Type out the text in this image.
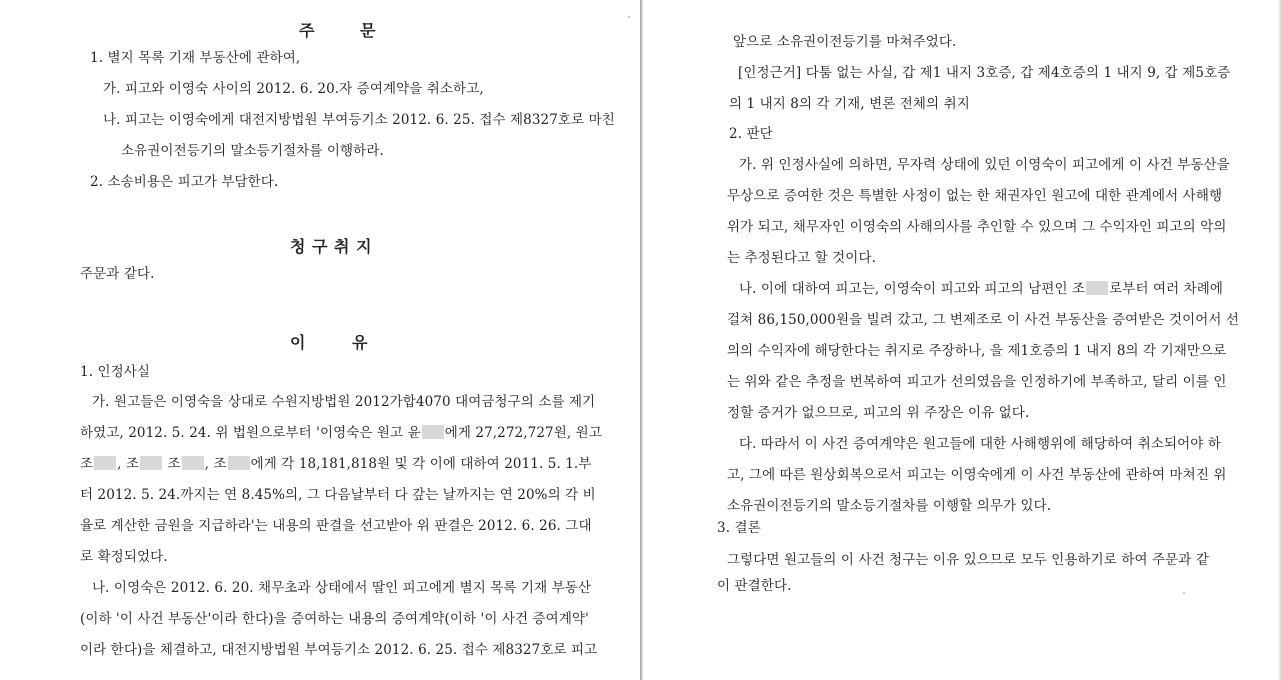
주	문
1. 별지 목록 기재 부동산에 관하여,
가. 피고와 이영숙 사이의 2012. 6. 20.자 증여계약을 취소하고,
나. 피고는 이영숙에게 대전지방법원 부여등기소 2012. 6. 25. 접수 제8327호로 마친
소유권이전등기의 말소등기절차를 이행하라.
2. 소송비용은 피고가 부담한다.
청 구 취 지
주문과 같다.
이	유
1. 인정사실
가. 원고들은 이영숙을 상대로 수원지방법원 2012가합4070 대여금청구의 소를 제기
하였고, 2012. 5. 24. 위 법원으로부터 '이영숙은 원고 윤 에게 27,272,727원, 원고
조 , 조 조 , 조 에게 각 18,181,818원 및 각 이에 대하여 2011. 5. 1.부
터 2012. 5. 24.까지는 연 8.45%의, 그 다음날부터 다 갚는 날까지는 연 20%의 각 비
율로 계산한 금원을 지급하라'는 내용의 판결을 선고받아 위 판결은 2012. 6. 26. 그대
로 확정되었다.
나. 이영숙은 2012. 6. 20. 채무초과 상태에서 딸인 피고에게 별지 목록 기재 부동산
(이하 '이 사건 부동산'이라 한다)을 증여하는 내용의 증여계약(이하 '이 사건 증여계약'
이라 한다)을 체결하고, 대전지방법원 부여등기소 2012. 6. 25. 접수 제8327호로 피고
앞으로 소유권이전등기를 마쳐주었다.
[인정근거] 다툼 없는 사실, 갑 제1 내지 3호증, 갑 제4호증의 1 내지 9, 갑 제5호증
의 1 내지 8의 각 기재, 변론 전체의 취지
2. 판단
가. 위 인정사실에 의하면, 무자력 상태에 있던 이영숙이 피고에게 이 사건 부동산을
무상으로 증여한 것은 특별한 사정이 없는 한 채권자인 원고에 대한 관계에서 사해행
위가 되고, 채무자인 이영숙의 사해의사를 추인할 수 있으며 그 수익자인 피고의 악의
는 추정된다고 할 것이다.
나. 이에 대하여 피고는, 이영숙이 피고와 피고의 남편인 조 로부터 여러 차례에
걸쳐 86,150,000원을 빌려 갔고, 그 변제조로 이 사건 부동산을 증여받은 것이어서 선
의의 수익자에 해당한다는 취지로 주장하나, 을 제1호증의 1 내지 8의 각 기재만으로
는 위와 같은 추정을 번복하여 피고가 선의였음을 인정하기에 부족하고, 달리 이를 인
정할 증거가 없으므로, 피고의 위 주장은 이유 없다.
다. 따라서 이 사건 증여계약은 원고들에 대한 사해행위에 해당하여 취소되어야 하
고, 그에 따른 원상회복으로서 피고는 이영숙에게 이 사건 부동산에 관하여 마쳐진 위
소유권이전등기의 말소등기절차를 이행할 의무가 있다.
3. 결론
그렇다면 원고들의 이 사건 청구는 이유 있으므로 모두 인용하기로 하여 주문과 같
이 판결한다.
